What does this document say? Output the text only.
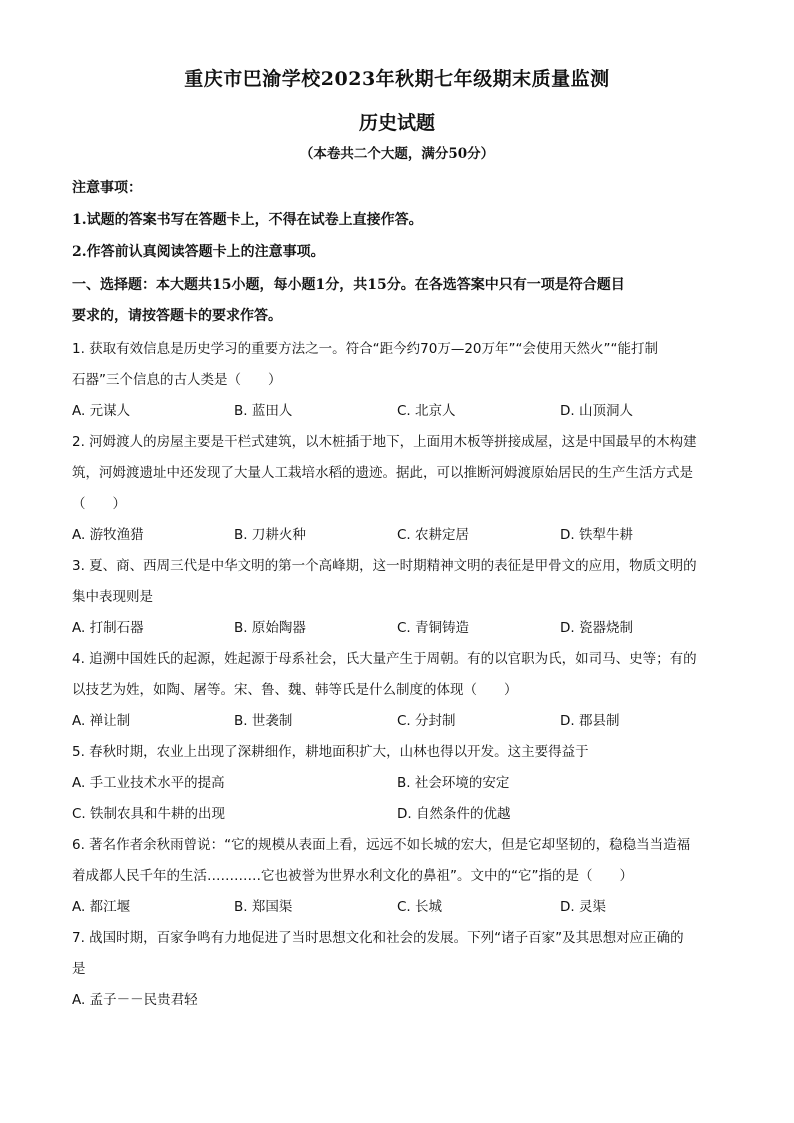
重庆市巴渝学校2023年秋期七年级期末质量监测
历史试题
（本卷共二个大题，满分50分）
注意事项：
1.试题的答案书写在答题卡上，不得在试卷上直接作答。
2.作答前认真阅读答题卡上的注意事项。
一、选择题：本大题共15小题，每小题1分，共15分。在各选答案中只有一项是符合题目
要求的，请按答题卡的要求作答。
1. 获取有效信息是历史学习的重要方法之一。符合“距今约70万—20万年”“会使用天然火”“能打制
石器”三个信息的古人类是（　　）
A. 元谋人	B. 蓝田人	C. 北京人	D. 山顶洞人
2. 河姆渡人的房屋主要是干栏式建筑，以木桩插于地下，上面用木板等拼接成屋，这是中国最早的木构建
筑，河姆渡遗址中还发现了大量人工栽培水稻的遗迹。据此，可以推断河姆渡原始居民的生产生活方式是
（　　）
A. 游牧渔猎	B. 刀耕火种	C. 农耕定居	D. 铁犁牛耕
3. 夏、商、西周三代是中华文明的第一个高峰期，这一时期精神文明的表征是甲骨文的应用，物质文明的
集中表现则是
A. 打制石器	B. 原始陶器	C. 青铜铸造	D. 瓷器烧制
4. 追溯中国姓氏的起源，姓起源于母系社会，氏大量产生于周朝。有的以官职为氏，如司马、史等；有的
以技艺为姓，如陶、屠等。宋、鲁、魏、韩等氏是什么制度的体现（　　）
A. 禅让制	B. 世袭制	C. 分封制	D. 郡县制
5. 春秋时期，农业上出现了深耕细作，耕地面积扩大，山林也得以开发。这主要得益于
A. 手工业技术水平的提高	B. 社会环境的安定
C. 铁制农具和牛耕的出现	D. 自然条件的优越
6. 著名作者余秋雨曾说：“它的规模从表面上看，远远不如长城的宏大，但是它却坚韧的，稳稳当当造福
着成都人民千年的生活…………它也被誉为世界水利文化的鼻祖”。文中的“它”指的是（　　）
A. 都江堰	B. 郑国渠	C. 长城	D. 灵渠
7. 战国时期，百家争鸣有力地促进了当时思想文化和社会的发展。下列“诸子百家”及其思想对应正确的
是
A. 孟子－－民贵君轻
